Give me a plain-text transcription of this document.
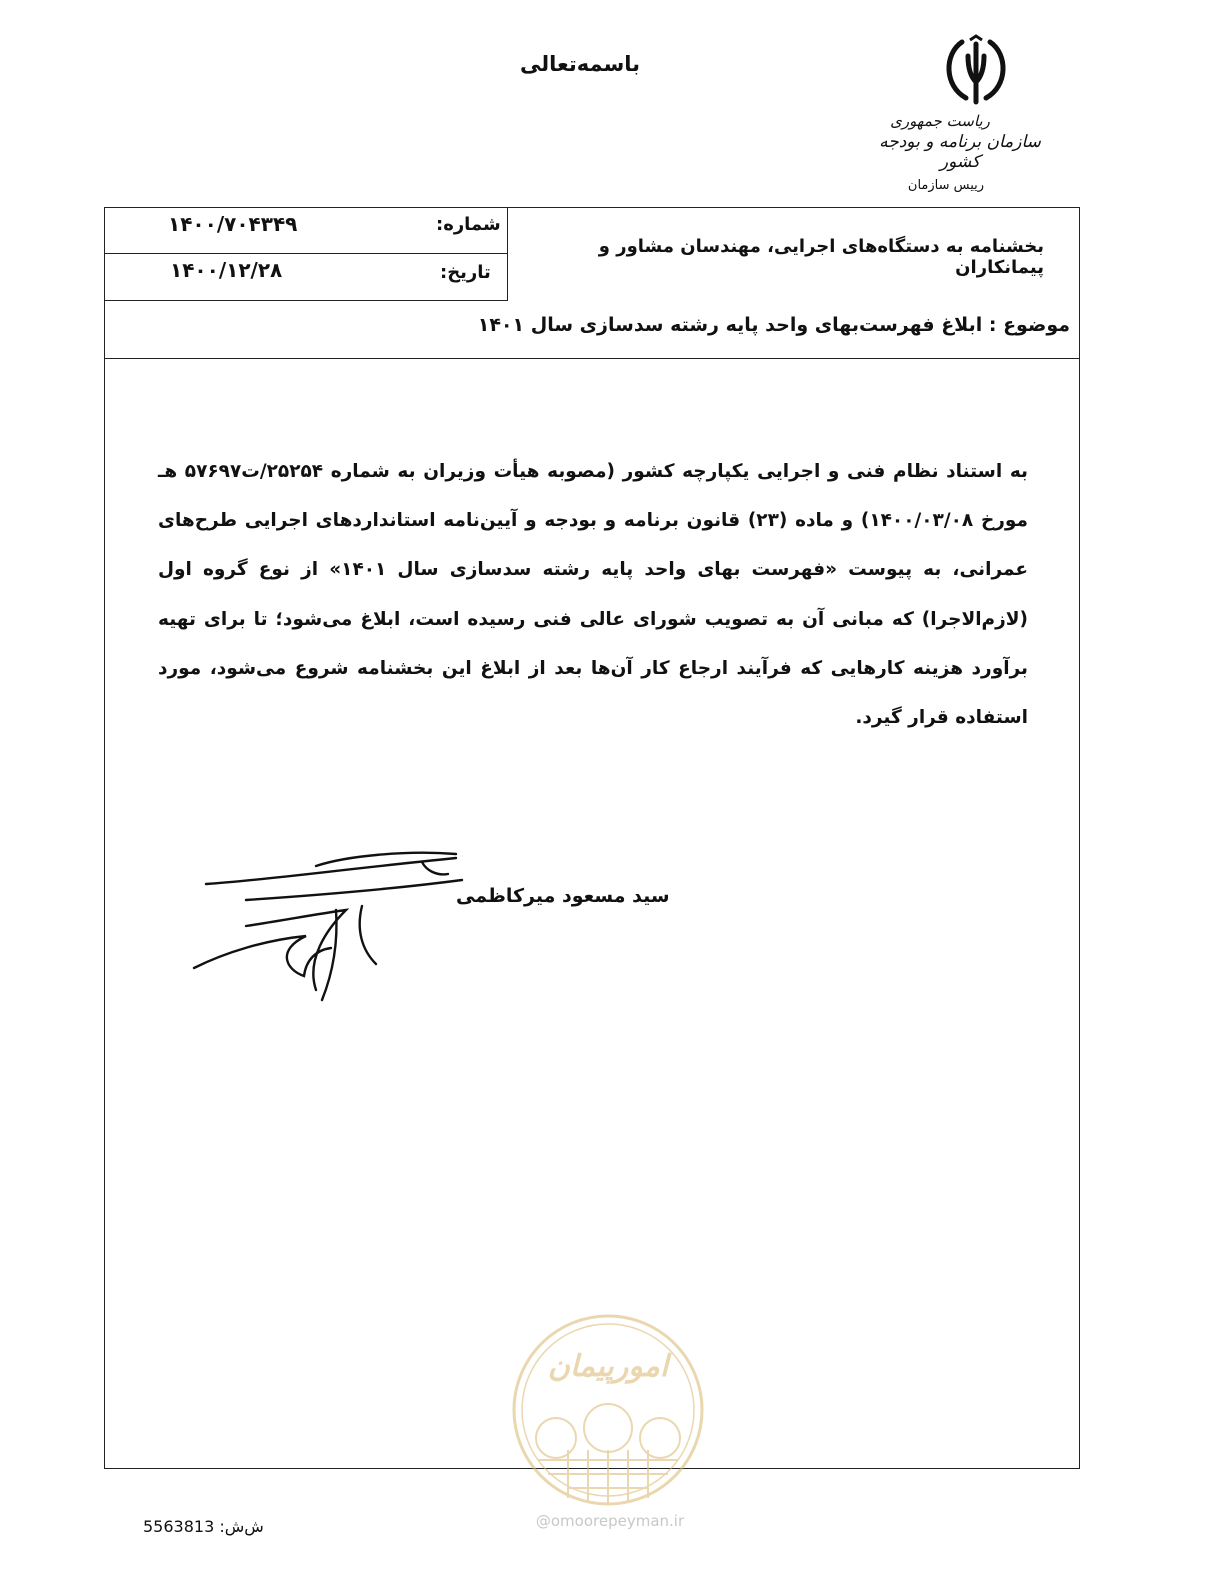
باسمه‌تعالی
ریاست جمهوری
سازمان برنامه و بودجه کشور
رییس سازمان
شماره:
۱۴۰۰/۷۰۴۳۴۹
تاریخ:
۱۴۰۰/۱۲/۲۸
بخشنامه به دستگاه‌های اجرایی، مهندسان مشاور و پیمانکاران
موضوع : ابلاغ فهرست‌بهای واحد پایه رشته سدسازی سال ۱۴۰۱
به استناد نظام فنی و اجرایی یکپارچه کشور (مصوبه هیأت وزیران به شماره ۲۵۲۵۴/ت۵۷۶۹۷ هـ مورخ ۱۴۰۰/۰۳/۰۸) و ماده (۲۳) قانون برنامه و بودجه و آیین‌نامه استانداردهای اجرایی طرح‌های عمرانی، به پیوست «فهرست بهای واحد پایه رشته سدسازی سال ۱۴۰۱» از نوع گروه اول (لازم‌الاجرا) که مبانی آن به تصویب شورای عالی فنی رسیده است، ابلاغ می‌شود؛ تا برای تهیه برآورد هزینه کارهایی که فرآیند ارجاع کار آن‌ها بعد از ابلاغ این بخشنامه شروع می‌شود، مورد استفاده قرار گیرد.
سید مسعود میرکاظمی
امورپیمان
@omoorepeyman.ir
ش‌ش: 5563813
